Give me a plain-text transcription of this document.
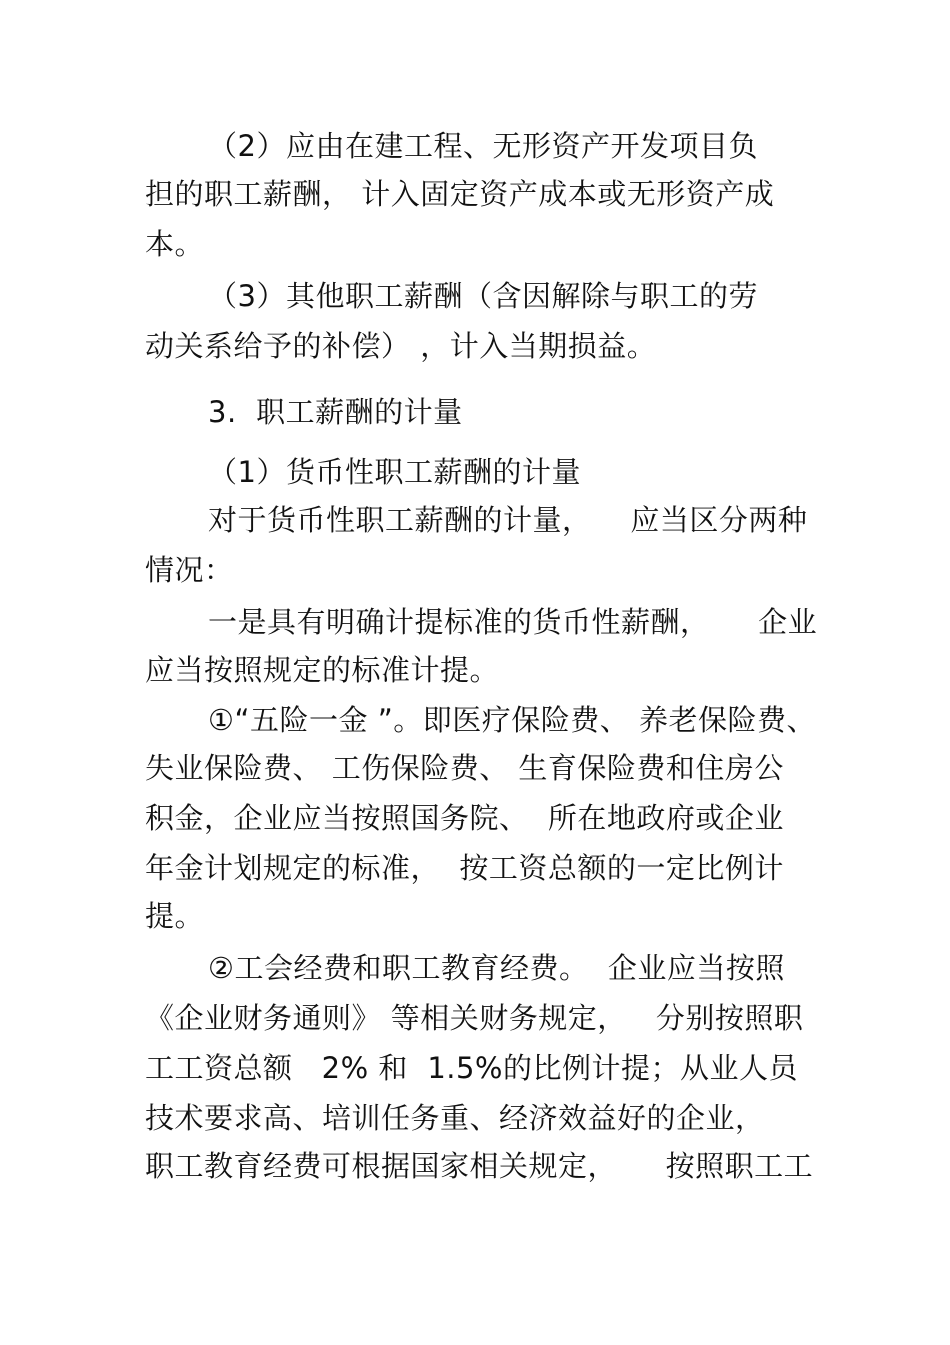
（2）应由在建工程、无形资产开发项目负
担的职工薪酬， 计入固定资产成本或无形资产成
本。
（3）其他职工薪酬（含因解除与职工的劳
动关系给予的补偿） ，计入当期损益。
3.  职工薪酬的计量
（1）货币性职工薪酬的计量
对于货币性职工薪酬的计量，    应当区分两种
情况：
一是具有明确计提标准的货币性薪酬，     企业
应当按照规定的标准计提。
①“五险一金 ”。即医疗保险费、 养老保险费、
失业保险费、 工伤保险费、 生育保险费和住房公
积金，企业应当按照国务院、  所在地政府或企业
年金计划规定的标准，  按工资总额的一定比例计
提。
②工会经费和职工教育经费。  企业应当按照
《企业财务通则》 等相关财务规定，   分别按照职
工工资总额   2% 和  1.5%的比例计提；从业人员
技术要求高、培训任务重、经济效益好的企业，
职工教育经费可根据国家相关规定，     按照职工工
